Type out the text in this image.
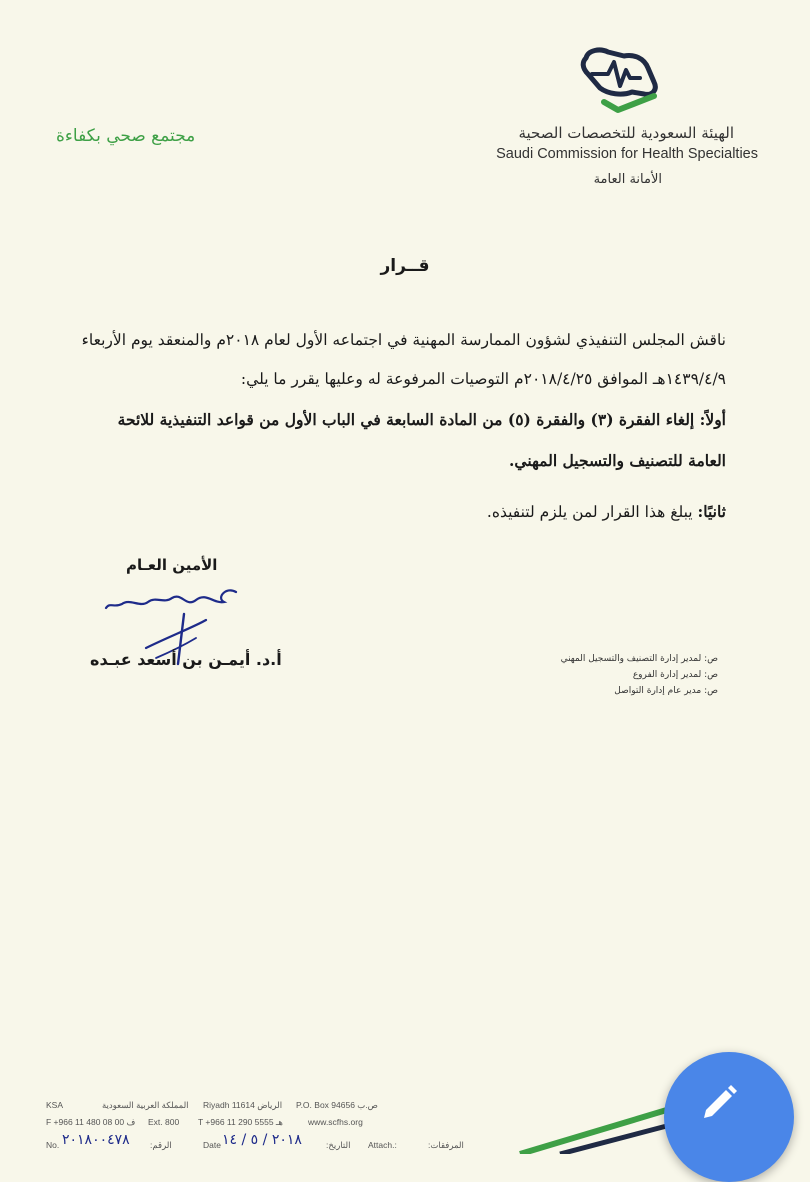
الهيئة السعودية للتخصصات الصحية
Saudi Commission for Health Specialties
الأمانة العامة
مجتمع صحي بكفاءة
قــرار
ناقش المجلس التنفيذي لشؤون الممارسة المهنية في اجتماعه الأول لعام ٢٠١٨م والمنعقد يوم الأربعاء
١٤٣٩/٤/٩هـ الموافق ٢٠١٨/٤/٢٥م التوصيات المرفوعة له وعليها يقرر ما يلي:
أولاً: إلغاء الفقرة (٣) والفقرة (٥) من المادة السابعة في الباب الأول من قواعد التنفيذية للائحة
العامة للتصنيف والتسجيل المهني.
ثانيًا: يبلغ هذا القرار لمن يلزم لتنفيذه.
الأمين العـام
أ.د. أيمـن بن أسعد عبـده	ص: لمدير إدارة التصنيف والتسجيل المهني
ص: لمدير إدارة الفروع
ص: مدير عام إدارة التواصل
KSA	المملكة العربية السعودية Riyadh 11614 الرياض P.O. Box 94656 ص.ب
F +966 11 480 08 00 ف Ext. 800 T +966 11 290 5555 هـ	www.scfhs.org
No. ٢٠١٨٠٠٤٧٨ الرقم:	Date ٢٠١٨ / ٥ / ١٤	التاريخ: Attach.:	المرفقات:
